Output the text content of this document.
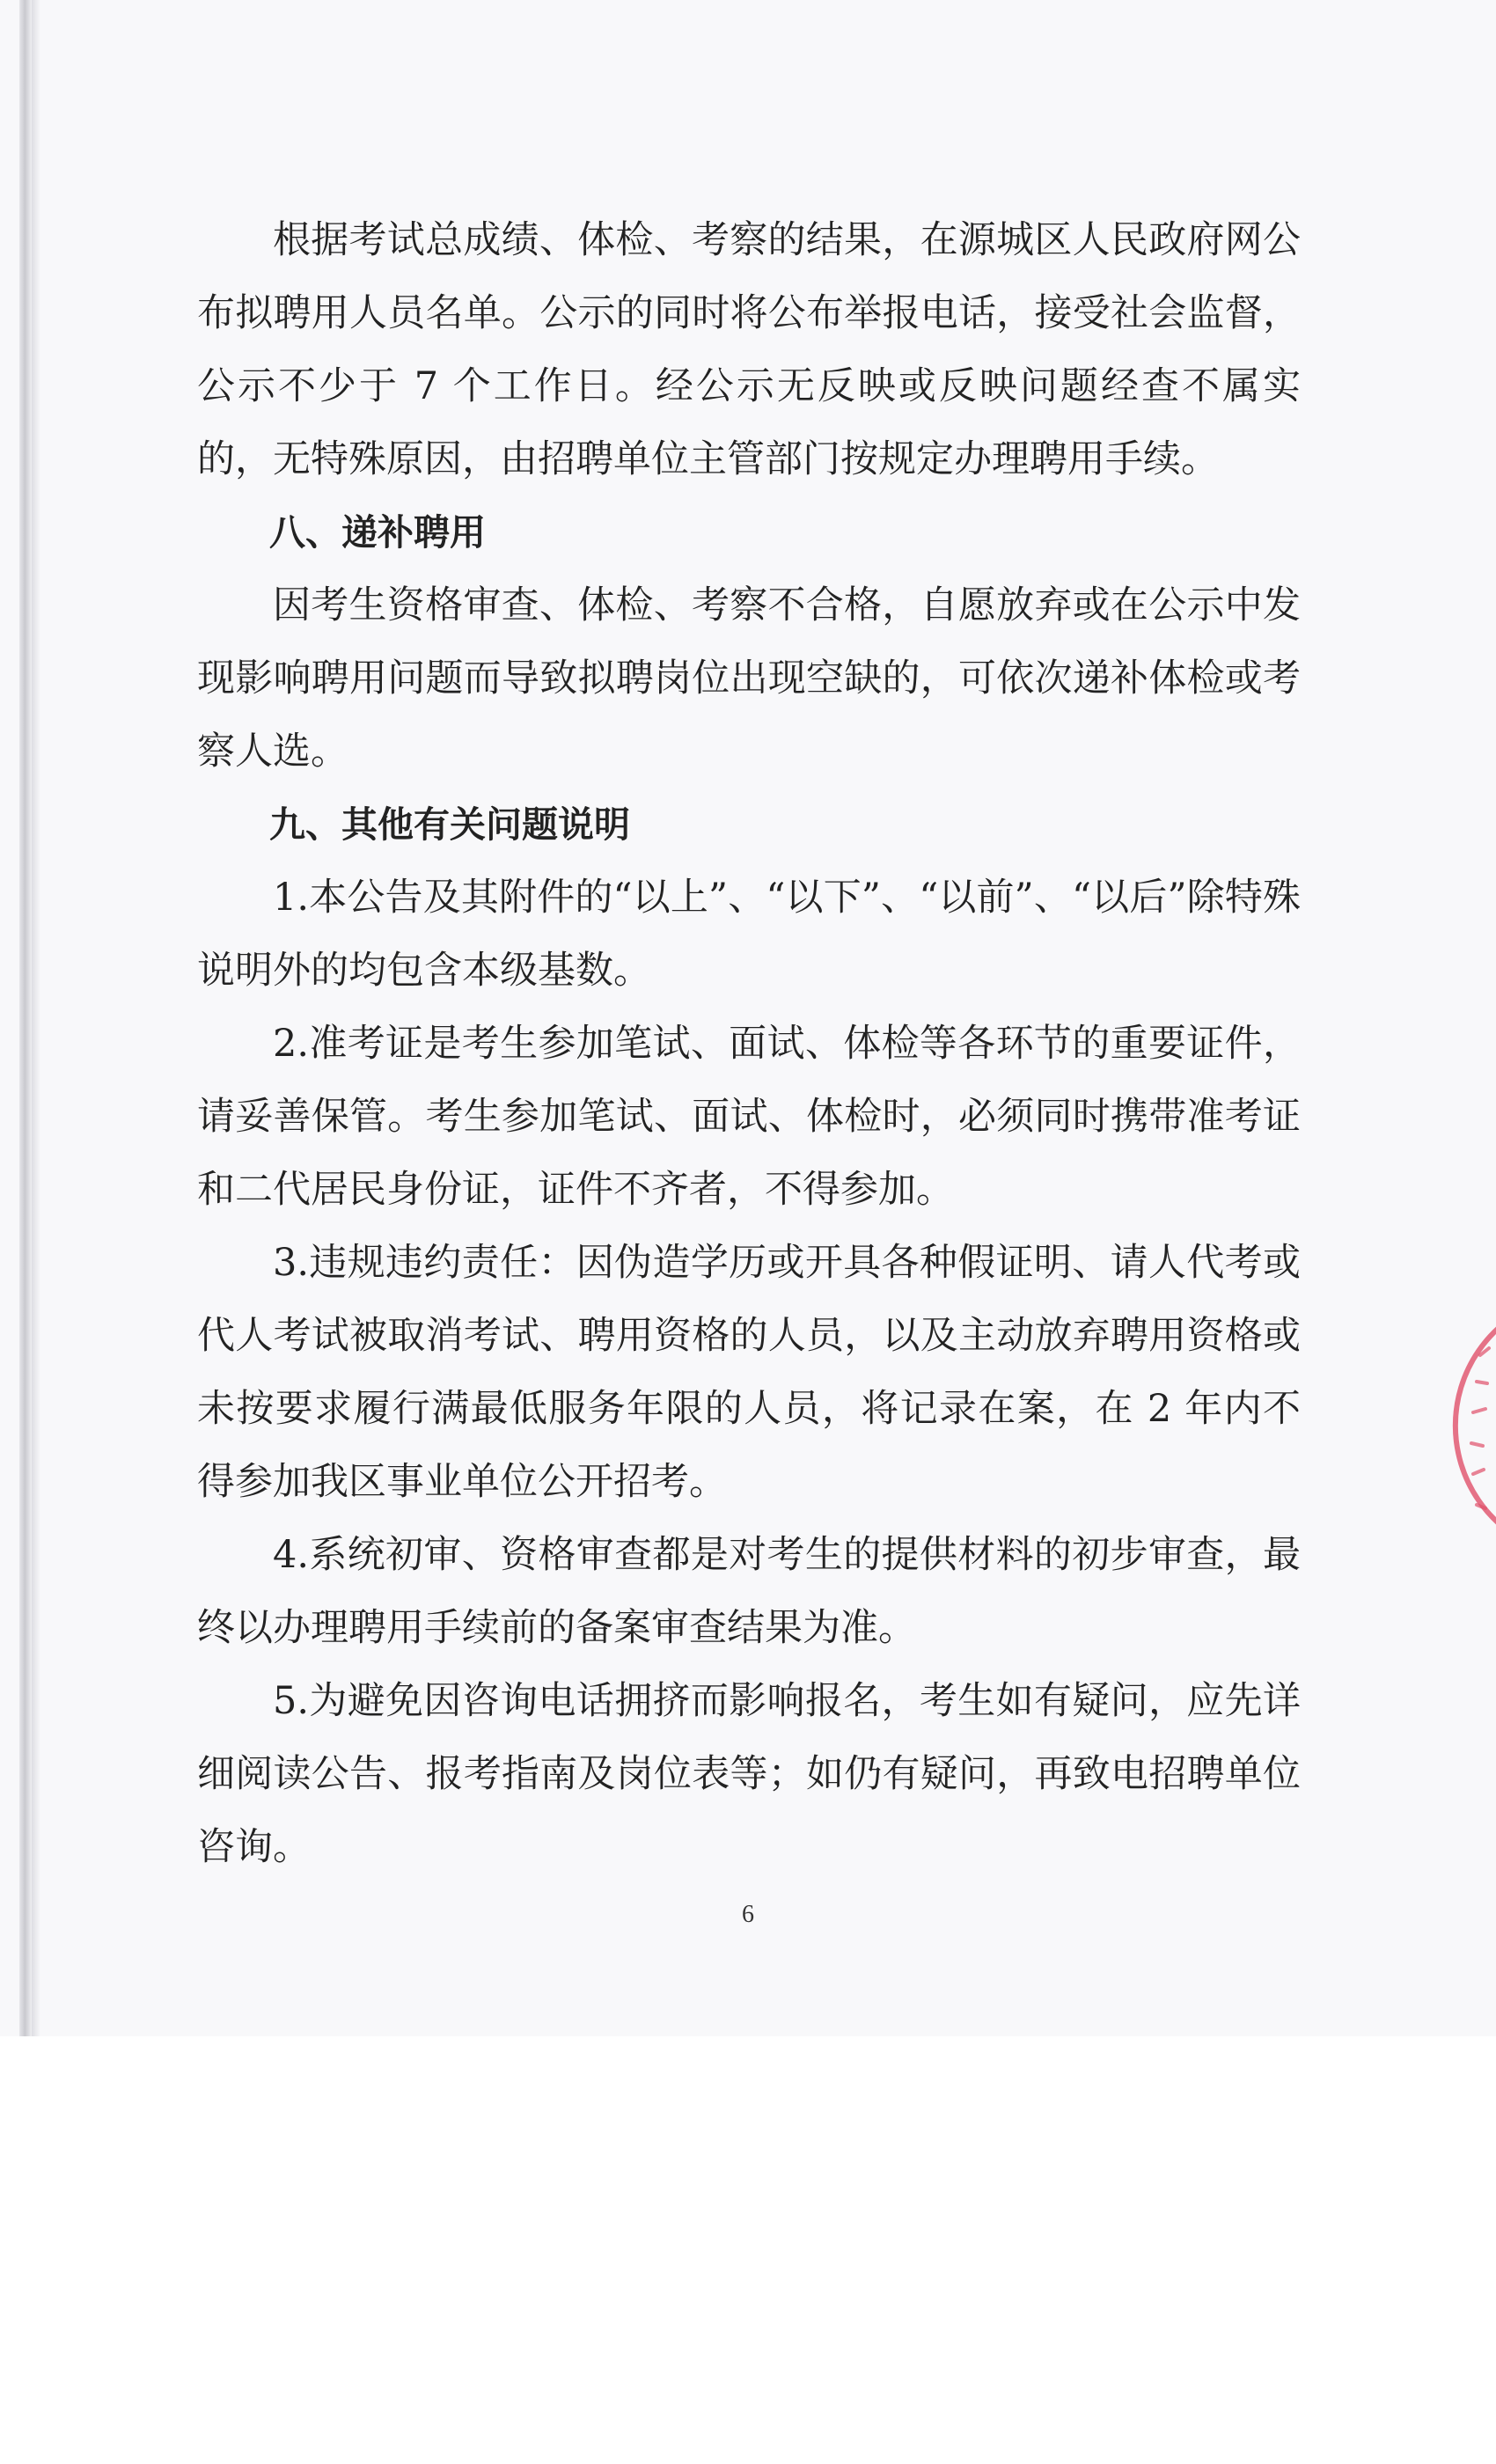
根据考试总成绩、体检、考察的结果，在源城区人民政府网公布拟聘用人员名单。公示的同时将公布举报电话，接受社会监督，公示不少于 7 个工作日。经公示无反映或反映问题经查不属实的，无特殊原因，由招聘单位主管部门按规定办理聘用手续。

八、递补聘用

因考生资格审查、体检、考察不合格，自愿放弃或在公示中发现影响聘用问题而导致拟聘岗位出现空缺的，可依次递补体检或考察人选。

九、其他有关问题说明

1.本公告及其附件的“以上”、“以下”、“以前”、“以后”除特殊说明外的均包含本级基数。

2.准考证是考生参加笔试、面试、体检等各环节的重要证件，请妥善保管。考生参加笔试、面试、体检时，必须同时携带准考证和二代居民身份证，证件不齐者，不得参加。

3.违规违约责任：因伪造学历或开具各种假证明、请人代考或代人考试被取消考试、聘用资格的人员，以及主动放弃聘用资格或未按要求履行满最低服务年限的人员，将记录在案，在 2 年内不得参加我区事业单位公开招考。

4.系统初审、资格审查都是对考生的提供材料的初步审查，最终以办理聘用手续前的备案审查结果为准。

5.为避免因咨询电话拥挤而影响报名，考生如有疑问，应先详细阅读公告、报考指南及岗位表等；如仍有疑问，再致电招聘单位咨询。

6
